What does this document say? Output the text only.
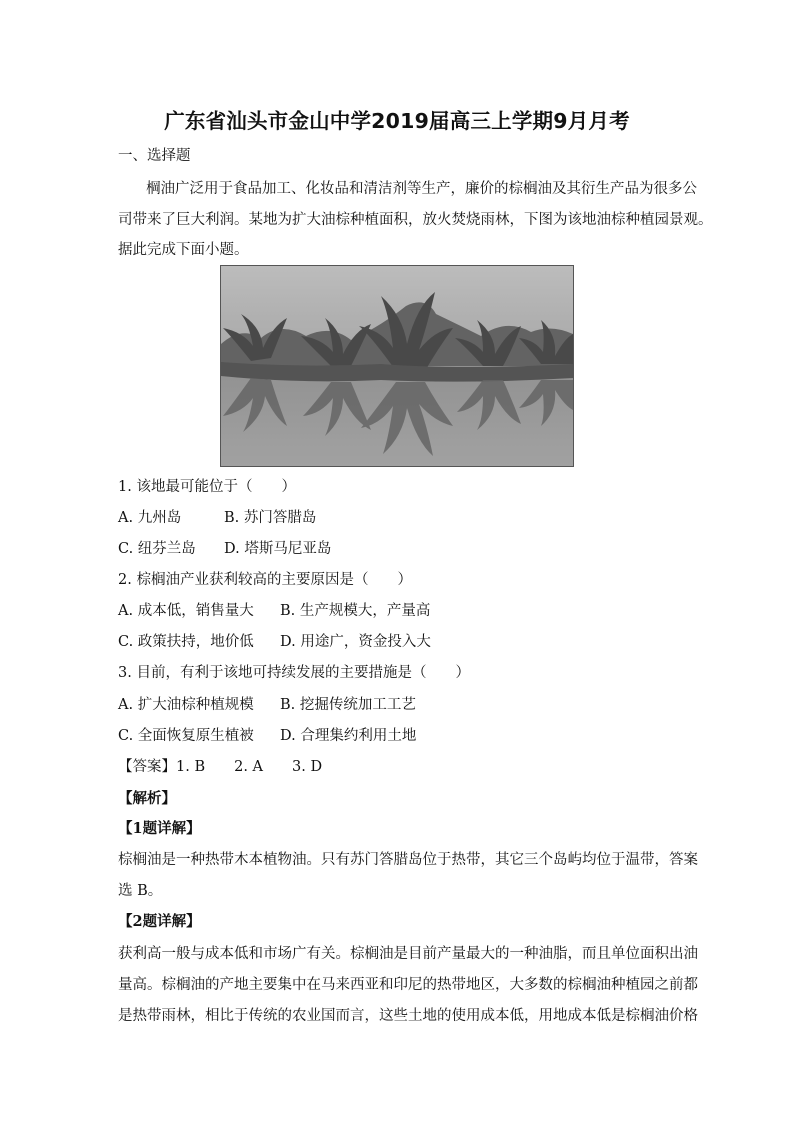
广东省汕头市金山中学2019届高三上学期9月月考
一、选择题
棡油广泛用于食品加工、化妆品和清洁剂等生产，廉价的棕榈油及其衍生产品为很多公
司带来了巨大利润。某地为扩大油棕种植面积，放火焚烧雨林，下图为该地油棕种植园景观。
据此完成下面小题。
1. 该地最可能位于（　　）
A. 九州岛	B. 苏门答腊岛
C. 纽芬兰岛 D. 塔斯马尼亚岛
2. 棕榈油产业获利较高的主要原因是（　　）
A. 成本低，销售量大 B. 生产规模大，产量高
C. 政策扶持，地价低 D. 用途广，资金投入大
3. 目前，有利于该地可持续发展的主要措施是（　　）
A. 扩大油棕种植规模 B. 挖掘传统加工工艺
C. 全面恢复原生植被 D. 合理集约利用土地
【答案】1. B　　2. A　　3. D
【解析】
【1题详解】
棕榈油是一种热带木本植物油。只有苏门答腊岛位于热带，其它三个岛屿均位于温带，答案
选 B。
【2题详解】
获利高一般与成本低和市场广有关。棕榈油是目前产量最大的一种油脂，而且单位面积出油
量高。棕榈油的产地主要集中在马来西亚和印尼的热带地区，大多数的棕榈油种植园之前都
是热带雨林，相比于传统的农业国而言，这些土地的使用成本低，用地成本低是棕榈油价格
